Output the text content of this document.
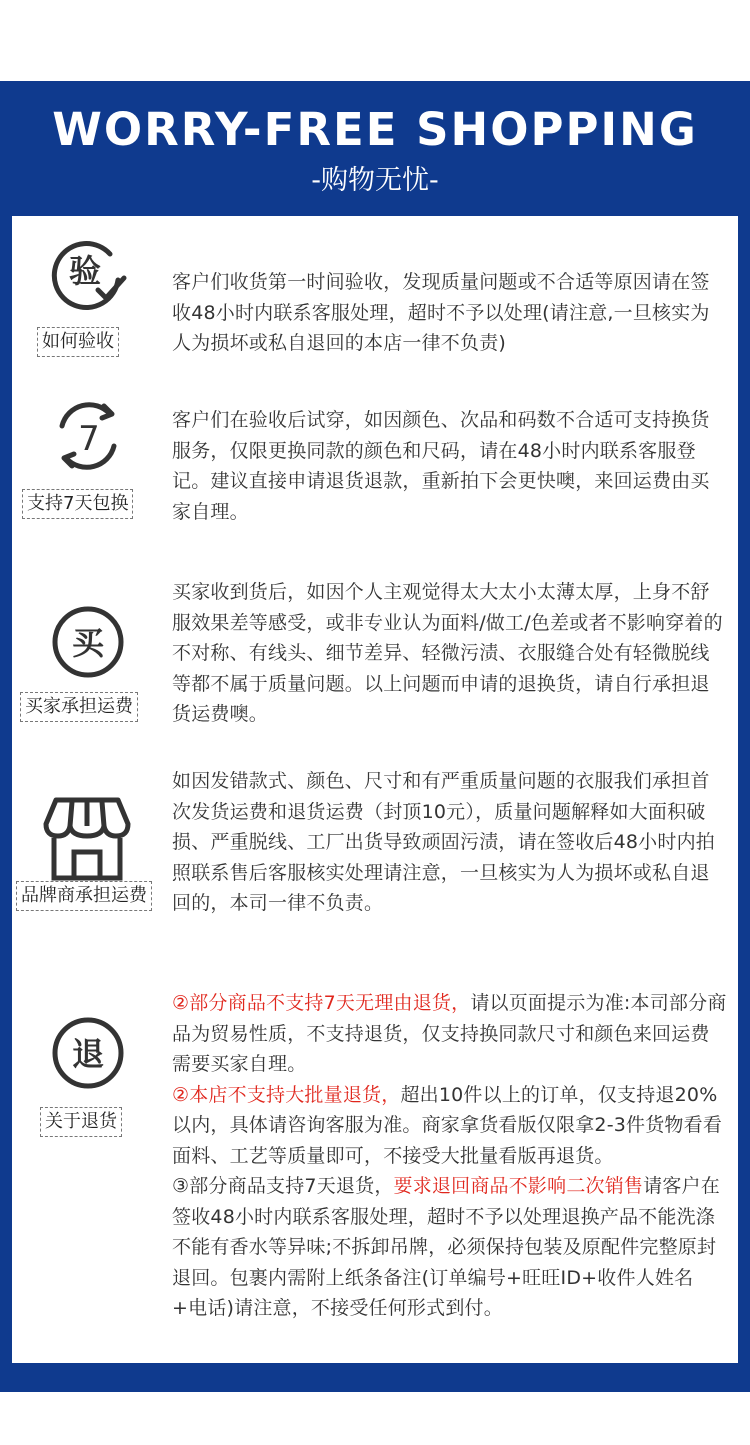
WORRY-FREE SHOPPING
-购物无忧-
验
如何验收
客户们收货第一时间验收，发现质量问题或不合适等原因请在签收48小时内联系客服处理，超时不予以处理(请注意,一旦核实为人为损坏或私自退回的本店一律不负责)
7
支持7天包换
客户们在验收后试穿，如因颜色、次品和码数不合适可支持换货服务，仅限更换同款的颜色和尺码，请在48小时内联系客服登记。建议直接申请退货退款，重新拍下会更快噢，来回运费由买家自理。
买
买家承担运费
买家收到货后，如因个人主观觉得太大太小太薄太厚，上身不舒服效果差等感受，或非专业认为面料/做工/色差或者不影响穿着的不对称、有线头、细节差异、轻微污渍、衣服缝合处有轻微脱线等都不属于质量问题。以上问题而申请的退换货，请自行承担退货运费噢。
品牌商承担运费
如因发错款式、颜色、尺寸和有严重质量问题的衣服我们承担首次发货运费和退货运费（封顶10元），质量问题解释如大面积破损、严重脱线、工厂出货导致顽固污渍，请在签收后48小时内拍照联系售后客服核实处理请注意，一旦核实为人为损坏或私自退回的，本司一律不负责。
退
关于退货
②部分商品不支持7天无理由退货，请以页面提示为准:本司部分商品为贸易性质，不支持退货，仅支持换同款尺寸和颜色来回运费需要买家自理。
②本店不支持大批量退货，超出10件以上的订单，仅支持退20%以内，具体请咨询客服为准。商家拿货看版仅限拿2-3件货物看看面料、工艺等质量即可，不接受大批量看版再退货。
③部分商品支持7天退货，要求退回商品不影响二次销售请客户在签收48小时内联系客服处理，超时不予以处理退换产品不能洗涤不能有香水等异味;不拆卸吊牌，必须保持包装及原配件完整原封退回。包裹内需附上纸条备注(订单编号+旺旺ID+收件人姓名+电话)请注意，不接受任何形式到付。
